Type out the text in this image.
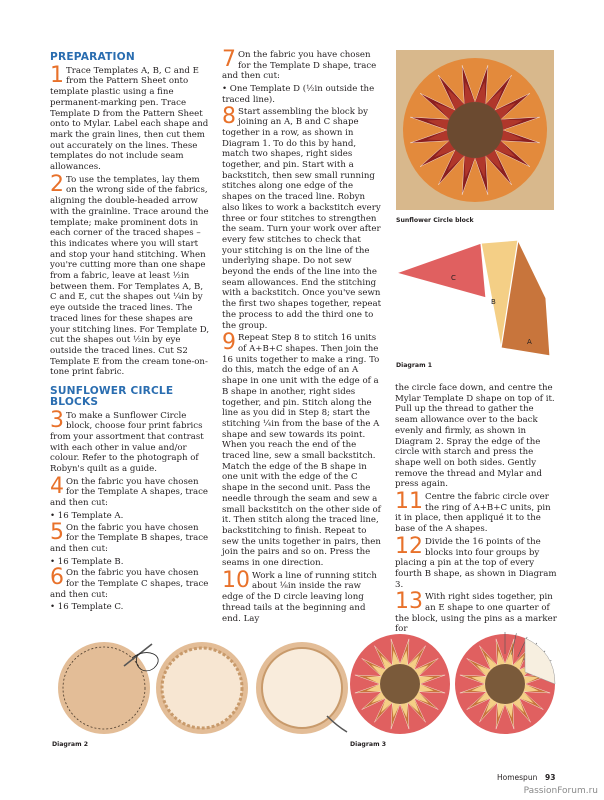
PREPARATION
1 Trace Templates A, B, C and E from the Pattern Sheet onto template plastic using a fine permanent-marking pen. Trace Template D from the Pattern Sheet onto to Mylar. Label each shape and mark the grain lines, then cut them out accurately on the lines. These templates do not include seam allowances.
2 To use the templates, lay them on the wrong side of the fabrics, aligning the double-headed arrow with the grainline. Trace around the template; make prominent dots in each corner of the traced shapes – this indicates where you will start and stop your hand stitching. When you're cutting more than one shape from a fabric, leave at least ½in between them. For Templates A, B, C and E, cut the shapes out ¼in by eye outside the traced lines. The traced lines for these shapes are your stitching lines. For Template D, cut the shapes out ½in by eye outside the traced lines. Cut S2 Template E from the cream tone-on-tone print fabric.
SUNFLOWER CIRCLE BLOCKS
3 To make a Sunflower Circle block, choose four print fabrics from your assortment that contrast with each other in value and/or colour. Refer to the photograph of Robyn's quilt as a guide.
4 On the fabric you have chosen for the Template A shapes, trace and then cut:
• 16 Template A.
5 On the fabric you have chosen for the Template B shapes, trace and then cut:
• 16 Template B.
6 On the fabric you have chosen for the Template C shapes, trace and then cut:
• 16 Template C.
7 On the fabric you have chosen for the Template D shape, trace and then cut:
• One Template D (½in outside the traced line).
8 Start assembling the block by joining an A, B and C shape together in a row, as shown in Diagram 1. To do this by hand, match two shapes, right sides together, and pin. Start with a backstitch, then sew small running stitches along one edge of the shapes on the traced line. Robyn also likes to work a backstitch every three or four stitches to strengthen the seam. Turn your work over after every few stitches to check that your stitching is on the line of the underlying shape. Do not sew beyond the ends of the line into the seam allowances. End the stitching with a backstitch. Once you've sewn the first two shapes together, repeat the process to add the third one to the group.
9 Repeat Step 8 to stitch 16 units of A+B+C shapes. Then join the 16 units together to make a ring. To do this, match the edge of an A shape in one unit with the edge of a B shape in another, right sides together, and pin. Stitch along the line as you did in Step 8; start the stitching ¼in from the base of the A shape and sew towards its point. When you reach the end of the traced line, sew a small backstitch. Match the edge of the B shape in one unit with the edge of the C shape in the second unit. Pass the needle through the seam and sew a small backstitch on the other side of it. Then stitch along the traced line, backstitching to finish. Repeat to sew the units together in pairs, then join the pairs and so on. Press the seams in one direction.
10 Work a line of running stitch about ⅛in inside the raw edge of the D circle leaving long thread tails at the beginning and end. Lay
the circle face down, and centre the Mylar Template D shape on top of it. Pull up the thread to gather the seam allowance over to the back evenly and firmly, as shown in Diagram 2. Spray the edge of the circle with starch and press the shape well on both sides. Gently remove the thread and Mylar and press again.
11 Centre the fabric circle over the ring of A+B+C units, pin it in place, then appliqué it to the base of the A shapes.
12 Divide the 16 points of the blocks into four groups by placing a pin at the top of every fourth B shape, as shown in Diagram 3.
13 With right sides together, pin an E shape to one quarter of the block, using the pins as a marker for
Sunflower Circle block
C
B
A
Diagram 1
Diagram 2	Diagram 3
Homespun 93
PassionForum.ru
